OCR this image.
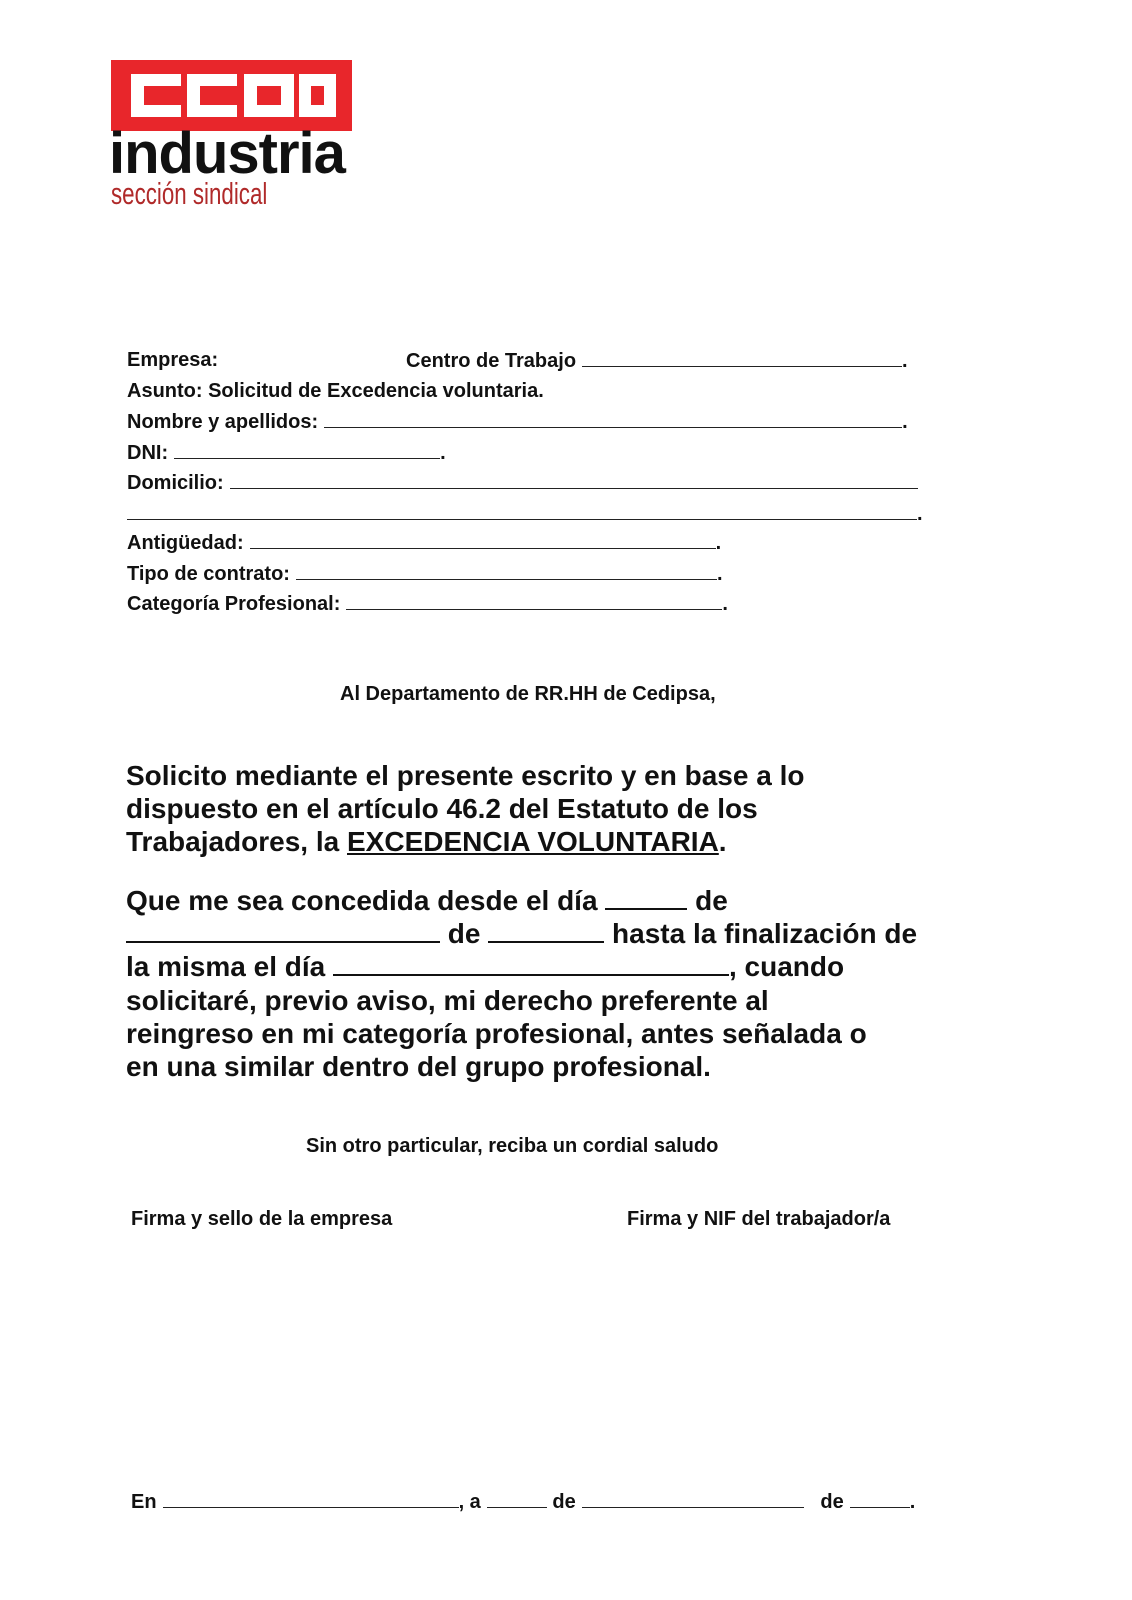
industria
sección sindical
Empresa:	Centro de Trabajo	.
Asunto: Solicitud de Excedencia voluntaria.
Nombre y apellidos:	.
DNI:	.
Domicilio:
.
Antigüedad:	.
Tipo de contrato:	.
Categoría Profesional:	.
Al Departamento de RR.HH de Cedipsa,
Solicito mediante el presente escrito y en base a lo
dispuesto en el artículo 46.2 del Estatuto de los
Trabajadores, la EXCEDENCIA VOLUNTARIA.
Que me sea concedida desde el día	de
de	hasta la finalización de
la misma el día	, cuando
solicitaré, previo aviso, mi derecho preferente al
reingreso en mi categoría profesional, antes señalada o
en una similar dentro del grupo profesional.
Sin otro particular, reciba un cordial saludo
Firma y sello de la empresa	Firma y NIF del trabajador/a
En	, a	de	de	.
